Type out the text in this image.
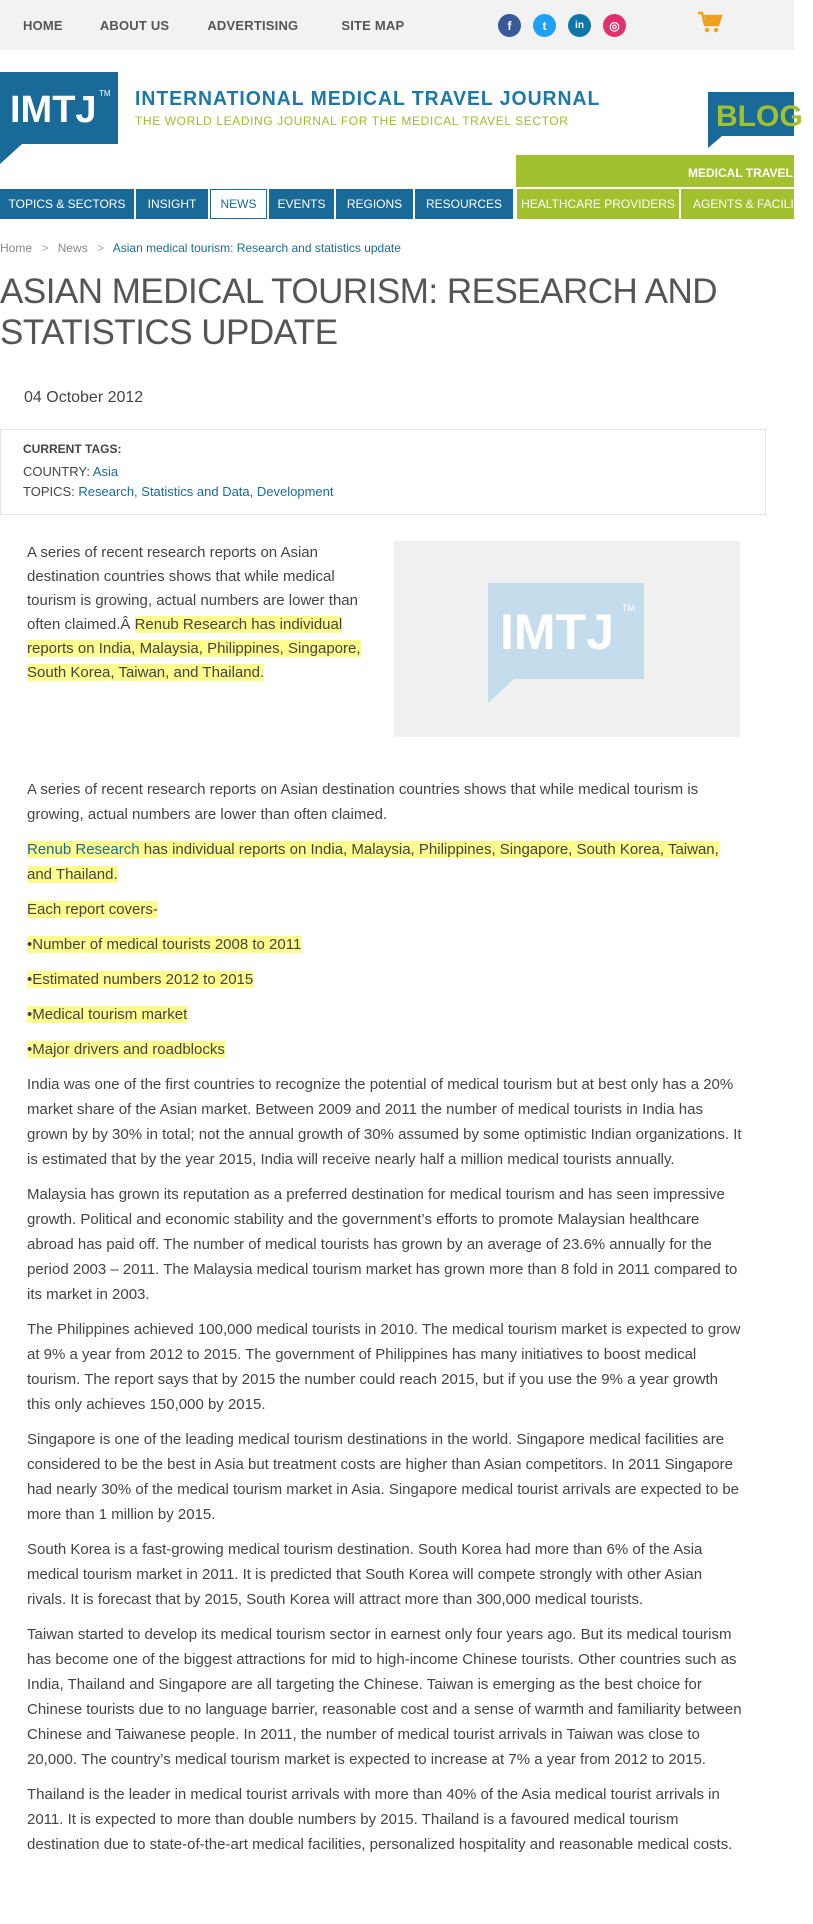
HOME	ABOUT US	ADVERTISING	SITE MAP	f	t	in	◎
IMTJ TM INTERNATIONAL MEDICAL TRAVEL JOURNAL
THE WORLD LEADING JOURNAL FOR THE MEDICAL TRAVEL SECTOR	BLOG
MEDICAL TRAVEL DE
TOPICS & SECTORS	INSIGHT	NEWS	EVENTS	REGIONS	RESOURCES	HEALTHCARE PROVIDERS	AGENTS & FACILITA
Home > News > Asian medical tourism: Research and statistics update
ASIAN MEDICAL TOURISM: RESEARCH AND STATISTICS UPDATE
04 October 2012
CURRENT TAGS:
COUNTRY: Asia
TOPICS: Research, Statistics and Data, Development
A series of recent research reports on Asian destination countries shows that while medical tourism is growing, actual numbers are lower than often claimed.Â Renub Research has individual reports on India, Malaysia, Philippines, Singapore, South Korea, Taiwan, and Thailand.
IMTJ TM

A series of recent research reports on Asian destination countries shows that while medical tourism is growing, actual numbers are lower than often claimed.

Renub Research has individual reports on India, Malaysia, Philippines, Singapore, South Korea, Taiwan, and Thailand.

Each report covers-

•Number of medical tourists 2008 to 2011

•Estimated numbers 2012 to 2015

•Medical tourism market

•Major drivers and roadblocks

India was one of the first countries to recognize the potential of medical tourism but at best only has a 20% market share of the Asian market. Between 2009 and 2011 the number of medical tourists in India has grown by by 30% in total; not the annual growth of 30% assumed by some optimistic Indian organizations. It is estimated that by the year 2015, India will receive nearly half a million medical tourists annually.

Malaysia has grown its reputation as a preferred destination for medical tourism and has seen impressive growth. Political and economic stability and the government’s efforts to promote Malaysian healthcare abroad has paid off. The number of medical tourists has grown by an average of 23.6% annually for the period 2003 – 2011. The Malaysia medical tourism market has grown more than 8 fold in 2011 compared to its market in 2003.

The Philippines achieved 100,000 medical tourists in 2010. The medical tourism market is expected to grow at 9% a year from 2012 to 2015. The government of Philippines has many initiatives to boost medical tourism. The report says that by 2015 the number could reach 2015, but if you use the 9% a year growth this only achieves 150,000 by 2015.

Singapore is one of the leading medical tourism destinations in the world. Singapore medical facilities are considered to be the best in Asia but treatment costs are higher than Asian competitors. In 2011 Singapore had nearly 30% of the medical tourism market in Asia. Singapore medical tourist arrivals are expected to be more than 1 million by 2015.

South Korea is a fast-growing medical tourism destination. South Korea had more than 6% of the Asia medical tourism market in 2011. It is predicted that South Korea will compete strongly with other Asian rivals. It is forecast that by 2015, South Korea will attract more than 300,000 medical tourists.

Taiwan started to develop its medical tourism sector in earnest only four years ago. But its medical tourism has become one of the biggest attractions for mid to high-income Chinese tourists. Other countries such as India, Thailand and Singapore are all targeting the Chinese. Taiwan is emerging as the best choice for Chinese tourists due to no language barrier, reasonable cost and a sense of warmth and familiarity between Chinese and Taiwanese people. In 2011, the number of medical tourist arrivals in Taiwan was close to 20,000. The country’s medical tourism market is expected to increase at 7% a year from 2012 to 2015.

Thailand is the leader in medical tourist arrivals with more than 40% of the Asia medical tourist arrivals in 2011. It is expected to more than double numbers by 2015. Thailand is a favoured medical tourism destination due to state-of-the-art medical facilities, personalized hospitality and reasonable medical costs.
